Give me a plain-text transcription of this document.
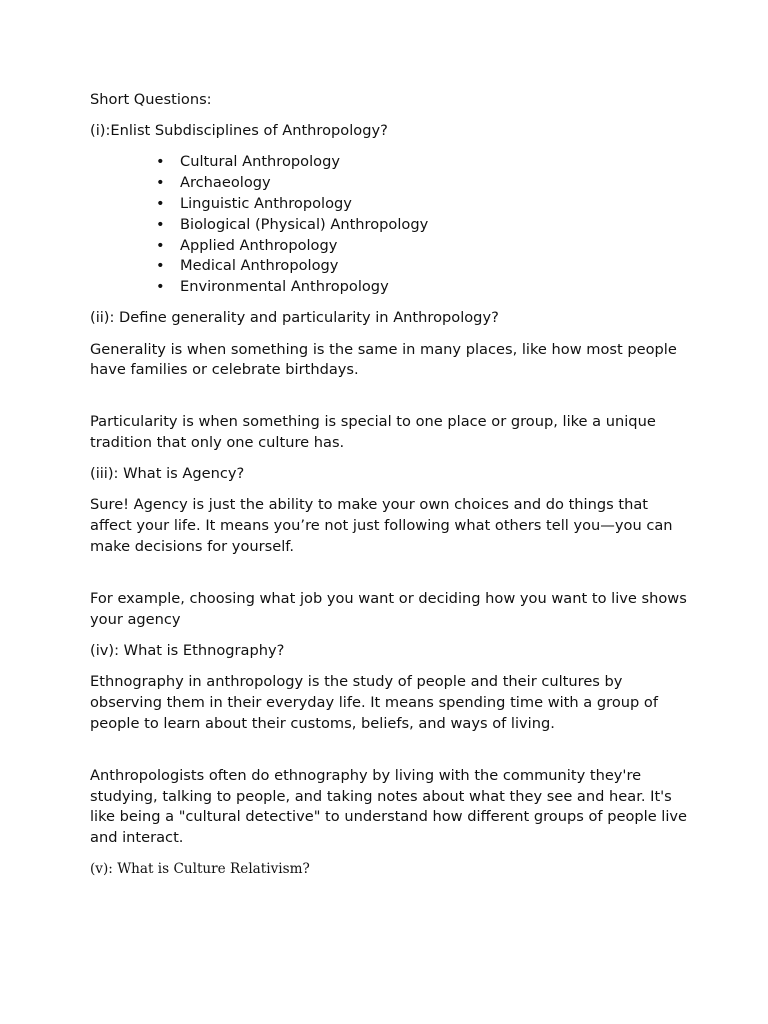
Short Questions:

(i):Enlist Subdisciplines of Anthropology?

• Cultural Anthropology
• Archaeology
• Linguistic Anthropology
• Biological (Physical) Anthropology
• Applied Anthropology
• Medical Anthropology
• Environmental Anthropology

(ii): Define generality and particularity in Anthropology?

Generality is when something is the same in many places, like how most people have families or celebrate birthdays.

Particularity is when something is special to one place or group, like a unique tradition that only one culture has.

(iii): What is Agency?

Sure! Agency is just the ability to make your own choices and do things that affect your life. It means you’re not just following what others tell you—you can make decisions for yourself.

For example, choosing what job you want or deciding how you want to live shows your agency

(iv): What is Ethnography?

Ethnography in anthropology is the study of people and their cultures by observing them in their everyday life. It means spending time with a group of people to learn about their customs, beliefs, and ways of living.

Anthropologists often do ethnography by living with the community they're studying, talking to people, and taking notes about what they see and hear. It's like being a "cultural detective" to understand how different groups of people live and interact.

(v): What is Culture Relativism?
